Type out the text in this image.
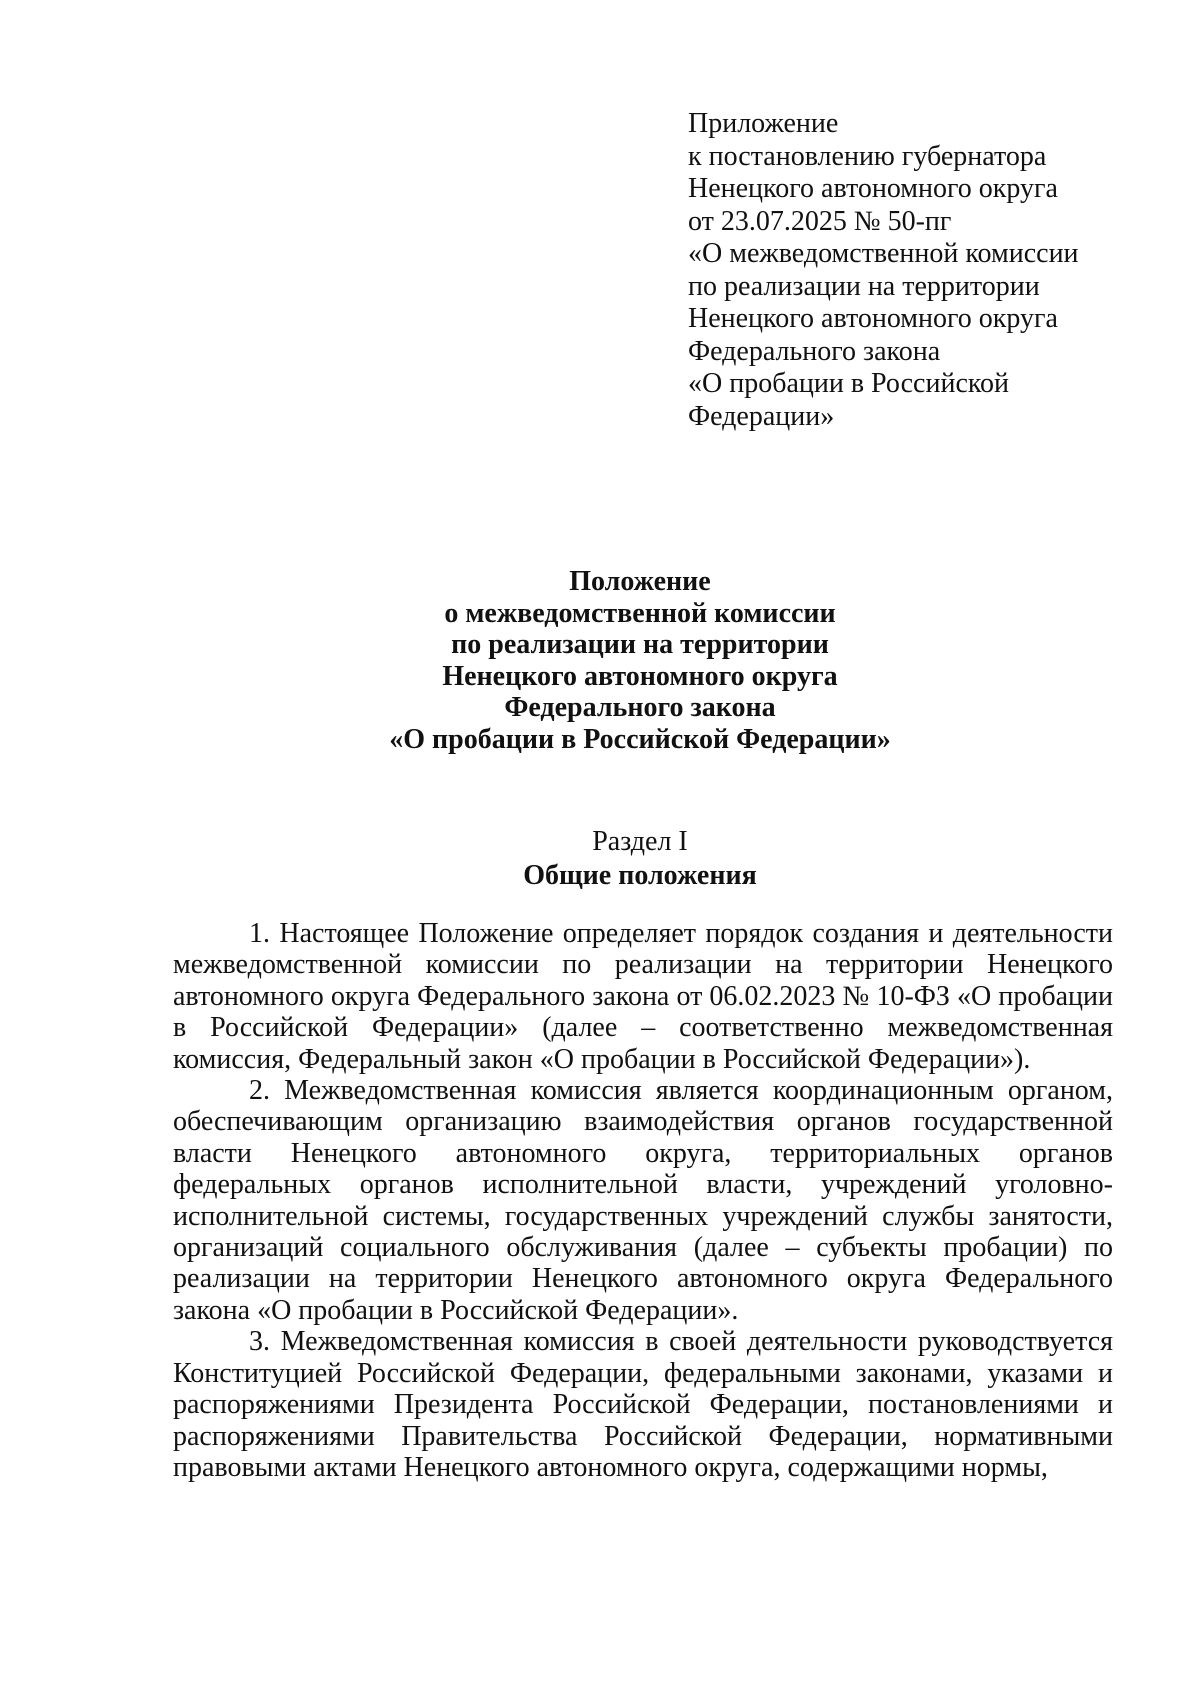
Приложение
к постановлению губернатора
Ненецкого автономного округа
от 23.07.2025 № 50-пг
«О межведомственной комиссии
по реализации на территории
Ненецкого автономного округа
Федерального закона
«О пробации в Российской
Федерации»
Положение
о межведомственной комиссии
по реализации на территории
Ненецкого автономного округа
Федерального закона
«О пробации в Российской Федерации»
Раздел I
Общие положения

1. Настоящее Положение определяет порядок создания и деятельности межведомственной комиссии по реализации на территории Ненецкого автономного округа Федерального закона от 06.02.2023 № 10-ФЗ «О пробации в Российской Федерации» (далее – соответственно межведомственная комиссия, Федеральный закон «О пробации в Российской Федерации»).

2. Межведомственная комиссия является координационным органом, обеспечивающим организацию взаимодействия органов государственной власти Ненецкого автономного округа, территориальных органов федеральных органов исполнительной власти, учреждений уголовно-исполнительной системы, государственных учреждений службы занятости, организаций социального обслуживания (далее – субъекты пробации) по реализации на территории Ненецкого автономного округа Федерального закона «О пробации в Российской Федерации».

3. Межведомственная комиссия в своей деятельности руководствуется Конституцией Российской Федерации, федеральными законами, указами и распоряжениями Президента Российской Федерации, постановлениями и распоряжениями Правительства Российской Федерации, нормативными правовыми актами Ненецкого автономного округа, содержащими нормы,
